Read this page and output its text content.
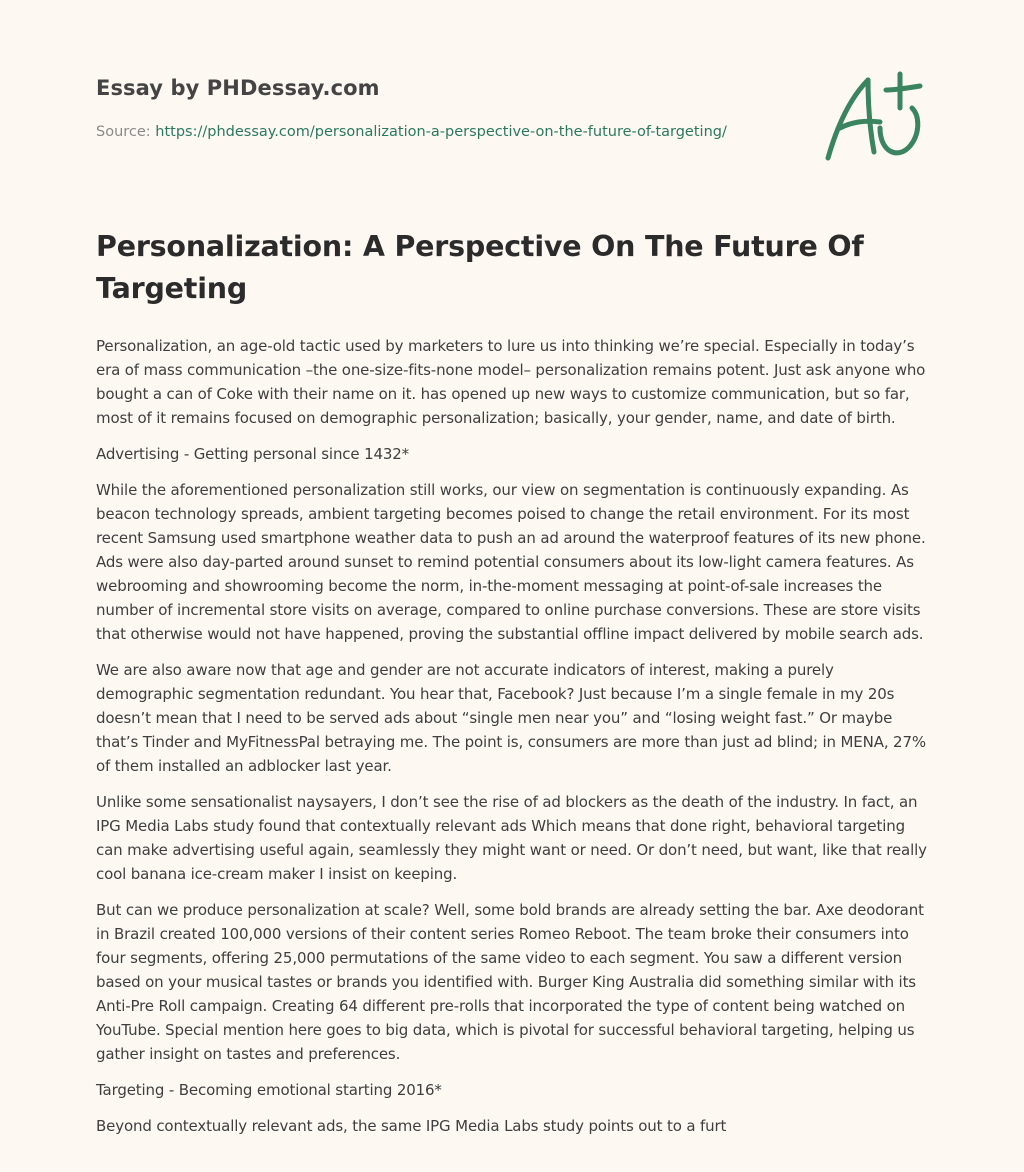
Essay by PHDessay.com
Source: https://phdessay.com/personalization-a-perspective-on-the-future-of-targeting/
Personalization: A Perspective On The Future Of Targeting

Personalization, an age-old tactic used by marketers to lure us into thinking we’re special. Especially in today’s era of mass communication –the one-size-fits-none model– personalization remains potent. Just ask anyone who bought a can of Coke with their name on it. has opened up new ways to customize communication, but so far, most of it remains focused on demographic personalization; basically, your gender, name, and date of birth.

Advertising - Getting personal since 1432*

While the aforementioned personalization still works, our view on segmentation is continuously expanding. As beacon technology spreads, ambient targeting becomes poised to change the retail environment. For its most recent Samsung used smartphone weather data to push an ad around the waterproof features of its new phone. Ads were also day-parted around sunset to remind potential consumers about its low-light camera features. As webrooming and showrooming become the norm, in-the-moment messaging at point-of-sale increases the number of incremental store visits on average, compared to online purchase conversions. These are store visits that otherwise would not have happened, proving the substantial offline impact delivered by mobile search ads.

We are also aware now that age and gender are not accurate indicators of interest, making a purely demographic segmentation redundant. You hear that, Facebook? Just because I’m a single female in my 20s doesn’t mean that I need to be served ads about “single men near you” and “losing weight fast.” Or maybe that’s Tinder and MyFitnessPal betraying me. The point is, consumers are more than just ad blind; in MENA, 27% of them installed an adblocker last year.

Unlike some sensationalist naysayers, I don’t see the rise of ad blockers as the death of the industry. In fact, an IPG Media Labs study found that contextually relevant ads Which means that done right, behavioral targeting can make advertising useful again, seamlessly they might want or need. Or don’t need, but want, like that really cool banana ice-cream maker I insist on keeping.

But can we produce personalization at scale? Well, some bold brands are already setting the bar. Axe deodorant in Brazil created 100,000 versions of their content series Romeo Reboot. The team broke their consumers into four segments, offering 25,000 permutations of the same video to each segment. You saw a different version based on your musical tastes or brands you identified with. Burger King Australia did something similar with its Anti-Pre Roll campaign. Creating 64 different pre-rolls that incorporated the type of content being watched on YouTube. Special mention here goes to big data, which is pivotal for successful behavioral targeting, helping us gather insight on tastes and preferences.

Targeting - Becoming emotional starting 2016*

Beyond contextually relevant ads, the same IPG Media Labs study points out to a furt
